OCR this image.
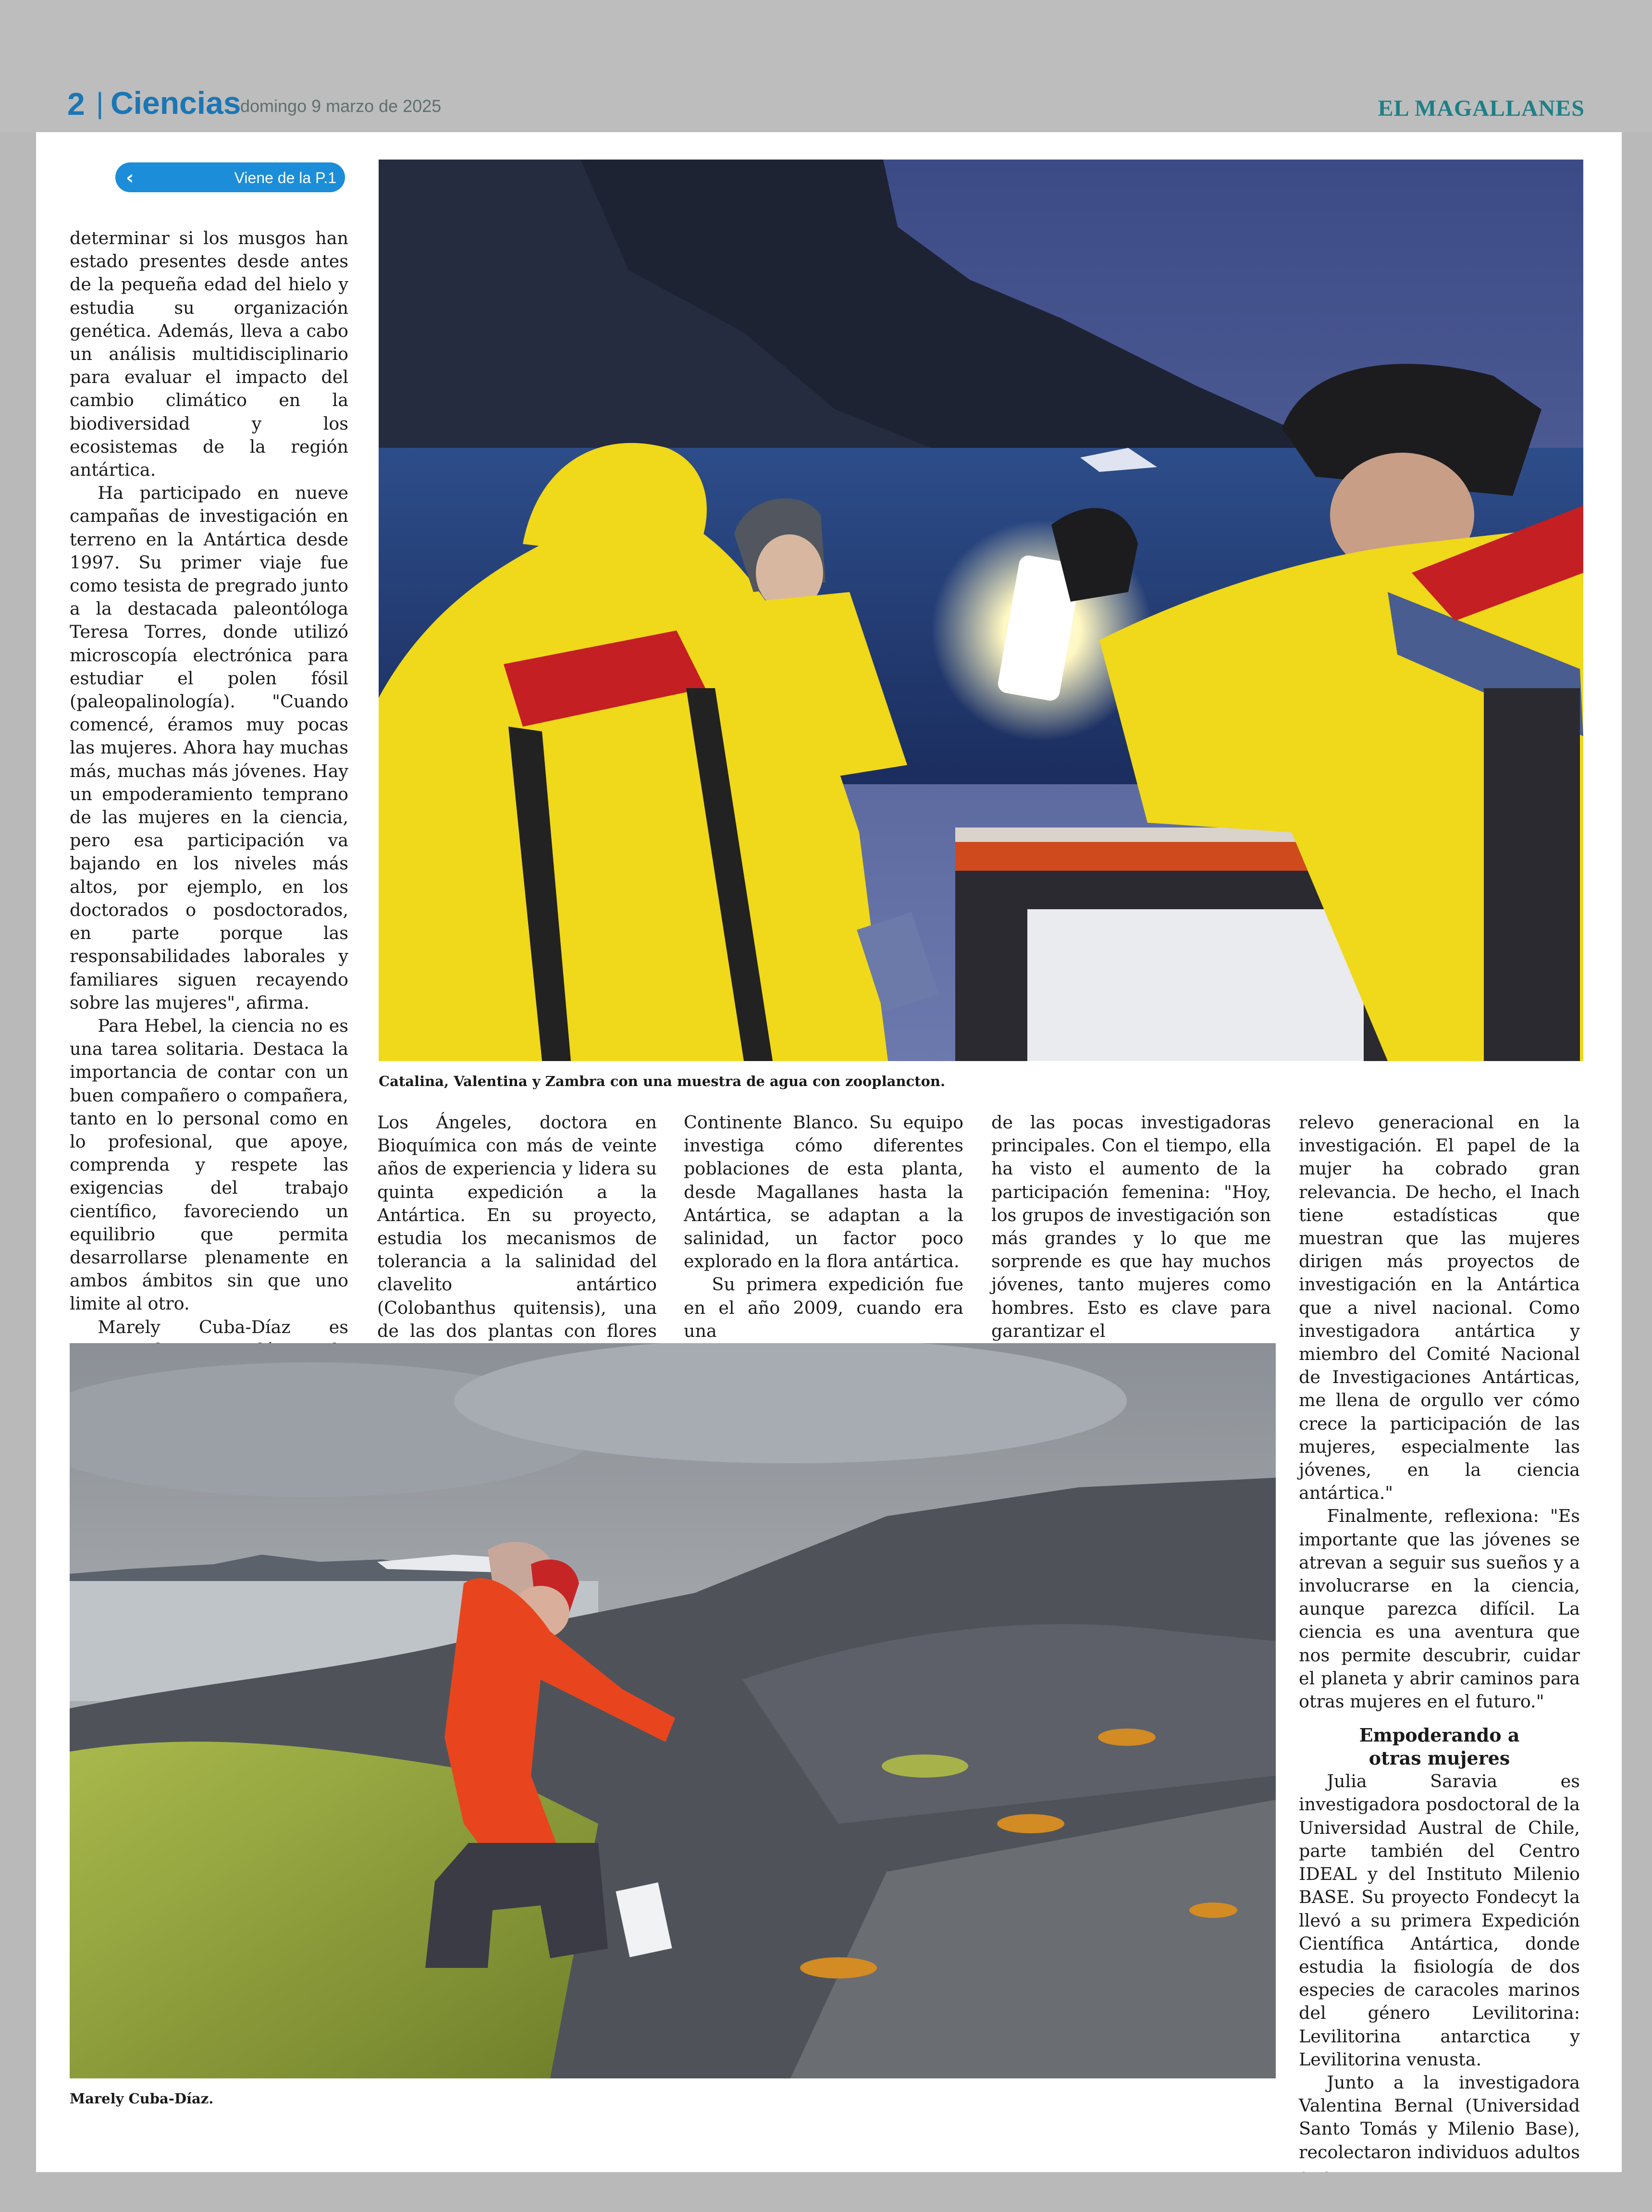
2 | Ciencias
domingo 9 marzo de 2025	EL MAGALLANES
‹	Viene de la P.1

determinar si los musgos han estado presentes desde antes de la pequeña edad del hielo y estudia su organización genética. Además, lleva a cabo un análisis multidisciplinario para evaluar el impacto del cambio climático en la biodiversidad y los ecosistemas de la región antártica.

Ha participado en nueve campañas de investigación en terreno en la Antártica desde 1997. Su primer viaje fue como tesista de pregrado junto a la destacada paleontóloga Teresa Torres, donde utilizó microscopía electrónica para estudiar el polen fósil (paleopalinología). "Cuando comencé, éramos muy pocas las mujeres. Ahora hay muchas más, muchas más jóvenes. Hay un empoderamiento temprano de las mujeres en la ciencia, pero esa participación va bajando en los niveles más altos, por ejemplo, en los doctorados o posdoctorados, en parte porque las responsabilidades laborales y familiares siguen recayendo sobre las mujeres", afirma.

Para Hebel, la ciencia no es una tarea solitaria. Destaca la importancia de contar con un buen compañero o compañera, tanto en lo personal como en lo profesional, que apoye, comprenda y respete las exigencias del trabajo científico, favoreciendo un equilibrio que permita desarrollarse plenamente en ambos ámbitos sin que uno limite al otro.

Marely Cuba-Díaz es

Catalina, Valentina y Zambra con una muestra de agua con zooplancton.

Los Ángeles, doctora en Bioquímica con más de veinte años de experiencia y lidera su quinta expedición a la Antártica. En su proyecto, estudia los mecanismos de tolerancia a la salinidad del clavelito antártico (Colobanthus quitensis), una de las dos plantas con flores

Continente Blanco. Su equipo investiga cómo diferentes poblaciones de esta planta, desde Magallanes hasta la Antártica, se adaptan a la salinidad, un factor poco explorado en la flora antártica.

Su primera expedición fue en el año 2009, cuando era una

de las pocas investigadoras principales. Con el tiempo, ella ha visto el aumento de la participación femenina: "Hoy, los grupos de investigación son más grandes y lo que me sorprende es que hay muchos jóvenes, tanto mujeres como hombres. Esto es clave para garantizar el

relevo generacional en la investigación. El papel de la mujer ha cobrado gran relevancia. De hecho, el Inach tiene estadísticas que muestran que las mujeres dirigen más proyectos de investigación en la Antártica que a nivel nacional. Como investigadora antártica y miembro del Comité Nacional de Investigaciones Antárticas, me llena de orgullo ver cómo crece la participación de las mujeres, especialmente las jóvenes, en la ciencia antártica."

Finalmente, reflexiona: "Es importante que las jóvenes se atrevan a seguir sus sueños y a involucrarse en la ciencia, aunque parezca difícil. La ciencia es una aventura que nos permite descubrir, cuidar el planeta y abrir caminos para otras mujeres en el futuro."

Empoderando a
otras mujeres

Julia Saravia es investigadora posdoctoral de la Universidad Austral de Chile, parte también del Centro IDEAL y del Instituto Milenio BASE. Su proyecto Fondecyt la llevó a su primera Expedición Científica Antártica, donde estudia la fisiología de dos especies de caracoles marinos del género Levilitorina: Levilitorina antarctica y Levilitorina venusta.

Junto a la investigadora Valentina Bernal (Universidad Santo Tomás y Milenio Base), recolectaron individuos adultos

Marely Cuba-Díaz.
